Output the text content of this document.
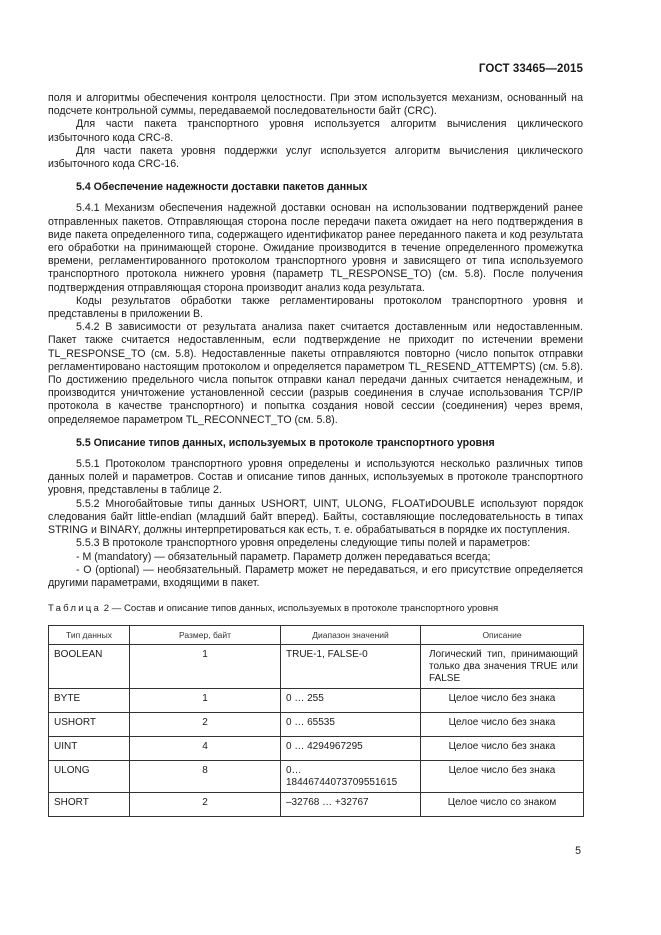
ГОСТ 33465—2015

поля и алгоритмы обеспечения контроля целостности. При этом используется механизм, основанный на подсчете контрольной суммы, передаваемой последовательности байт (CRC).

Для части пакета транспортного уровня используется алгоритм вычисления циклического избыточного кода CRC-8.

Для части пакета уровня поддержки услуг используется алгоритм вычисления циклического избыточного кода CRC-16.

5.4 Обеспечение надежности доставки пакетов данных

5.4.1 Механизм обеспечения надежной доставки основан на использовании подтверждений ранее отправленных пакетов. Отправляющая сторона после передачи пакета ожидает на него подтверждения в виде пакета определенного типа, содержащего идентификатор ранее переданного пакета и код результата его обработки на принимающей стороне. Ожидание производится в течение определенного промежутка времени, регламентированного протоколом транспортного уровня и зависящего от типа используемого транспортного протокола нижнего уровня (параметр TL_RESPONSE_TO) (см. 5.8). После получения подтверждения отправляющая сторона производит анализ кода результата.

Коды результатов обработки также регламентированы протоколом транспортного уровня и представлены в приложении В.

5.4.2 В зависимости от результата анализа пакет считается доставленным или недоставленным. Пакет также считается недоставленным, если подтверждение не приходит по истечении времени TL_RESPONSE_TO (см. 5.8). Недоставленные пакеты отправляются повторно (число попыток отправки регламентировано настоящим протоколом и определяется параметром TL_RESEND_ATTEMPTS) (см. 5.8). По достижению предельного числа попыток отправки канал передачи данных считается ненадежным, и производится уничтожение установленной сессии (разрыв соединения в случае использования TCP/IP протокола в качестве транспортного) и попытка создания новой сессии (соединения) через время, определяемое параметром TL_RECONNECT_TO (см. 5.8).

5.5 Описание типов данных, используемых в протоколе транспортного уровня

5.5.1 Протоколом транспортного уровня определены и используются несколько различных типов данных полей и параметров. Состав и описание типов данных, используемых в протоколе транспортного уровня, представлены в таблице 2.

5.5.2 Многобайтовые типы данных USHORT, UINT, ULONG, FLOATиDOUBLE используют порядок следования байт little-endian (младший байт вперед). Байты, составляющие последовательность в типах STRING и BINARY, должны интерпретироваться как есть, т. е. обрабатываться в порядке их поступления.

5.5.3 В протоколе транспортного уровня определены следующие типы полей и параметров:

- M (mandatory) — обязательный параметр. Параметр должен передаваться всегда;

- O (optional) — необязательный. Параметр может не передаваться, и его присутствие определяется другими параметрами, входящими в пакет.

Таблица 2 — Состав и описание типов данных, используемых в протоколе транспортного уровня

Тип данных	Размер, байт	Диапазон значений	Описание
BOOLEAN	1	TRUE-1, FALSE-0	Логический тип, принимающий только два значения TRUE или FALSE
BYTE	1	0 … 255	Целое число без знака
USHORT	2	0 … 65535	Целое число без знака
UINT	4	0 … 4294967295	Целое число без знака
ULONG	8	0… 18446744073709551615	Целое число без знака
SHORT	2	–32768 … +32767	Целое число со знаком
5
